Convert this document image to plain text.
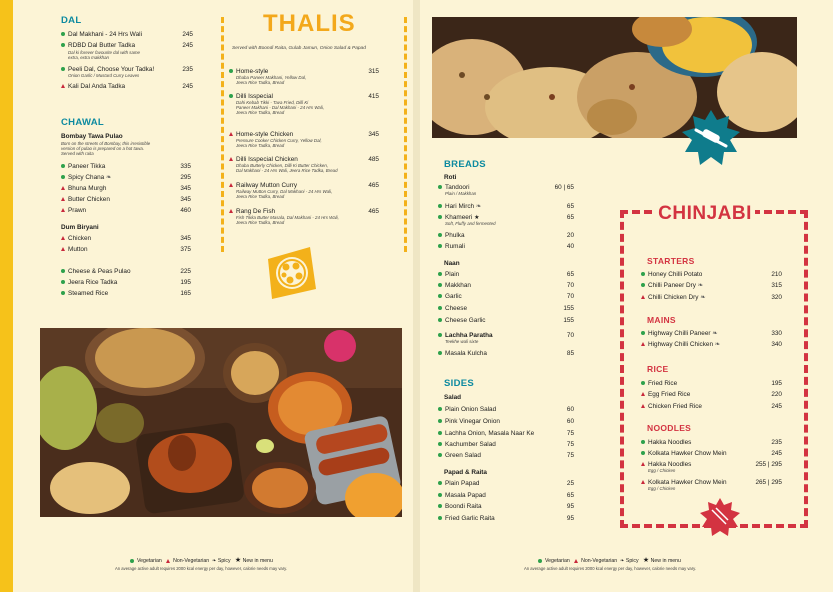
DAL
Dal Makhani - 24 Hrs Wali	245
RDBD Dal Butter Tadka	245
Dal ki forever favourite dal with same extra, extra makkhan
Peeli Dal, Choose Your Tadka!	235
Onion Garlic / Mustard Curry Leaves
Kali Dal Anda Tadka	245
CHAWAL
Bombay Tawa Pulao
Born on the streets of Bombay, this irresistible
version of pulao is prepared on a hot tawa.
Served with raita
Paneer Tikka	335
Spicy Chana ❧	295
Bhuna Murgh	345
Butter Chicken	345
Prawn	460
Dum Biryani
Chicken	345
Mutton	375
Cheese & Peas Pulao	225
Jeera Rice Tadka	195
Steamed Rice	165
THALIS
Served with Boondi Raita, Gulab Jamun, Onion Salad & Papad
Home-style	315
Dhaba Paneer Makhani, Yellow Dal,
Jeera Rice Tadka, Bread
Dilli Isspecial	415
Dahi Kebab Tikki - Tava Fried, Dilli Ki
Paneer Makhani - Dal Makhani - 24 Hrs Wali,
Jeera Rice Tadka, Bread
Home-style Chicken	345
Pressure Cooker Chicken Curry, Yellow Dal,
Jeera Rice Tadka, Bread
Dilli Isspecial Chicken	485
Dhaba Butterly Chicken, Dilli Ki Butter Chicken,
Dal Makhani - 24 Hrs Wali, Jeera Rice Tadka, Bread
Railway Mutton Curry	465
Railway Mutton Curry, Dal Makhani - 24 Hrs Wali,
Jeera Rice Tadka, Bread
Rang De Fish	465
Fish Tikka Butter Masala, Dal Makhani - 24 Hrs Wali,
Jeera Rice Tadka, Bread
Vegetarian Non-Vegetarian ❧ Spicy ★ New in menu
An average active adult requires 2000 kcal energy per day, however, calorie needs may vary.
BREADS
Roti
Tandoori	60 | 65
Plain / Makkhan
Hari Mirch ❧	65
Khameeri ★	65
Soft, Fluffy and fermented
Phulka	20
Rumali	40
Naan
Plain	65
Makkhan	70
Garlic	70
Cheese	155
Cheese Garlic	155
Lachha Paratha	70
Teekhe wali sixte
Masala Kulcha	85
SIDES
Salad
Plain Onion Salad	60
Pink Vinegar Onion	60
Lachha Onion, Masala Naar Ke	75
Kachumber Salad	75
Green Salad	75
Papad & Raita
Plain Papad	25
Masala Papad	65
Boondi Raita	95
Fried Garlic Raita	95
CHINJABI
STARTERS
Honey Chilli Potato	210
Chilli Paneer Dry ❧	315
Chilli Chicken Dry ❧	320
MAINS
Highway Chilli Paneer ❧	330
Highway Chilli Chicken ❧	340
RICE
Fried Rice	195
Egg Fried Rice	220
Chicken Fried Rice	245
NOODLES
Hakka Noodles	235
Kolkata Hawker Chow Mein	245
Hakka Noodles	255 | 295
Egg / Chicken
Kolkata Hawker Chow Mein	265 | 295
Egg / Chicken
Vegetarian Non-Vegetarian ❧ Spicy ★ New in menu
An average active adult requires 2000 kcal energy per day, however, calorie needs may vary.
